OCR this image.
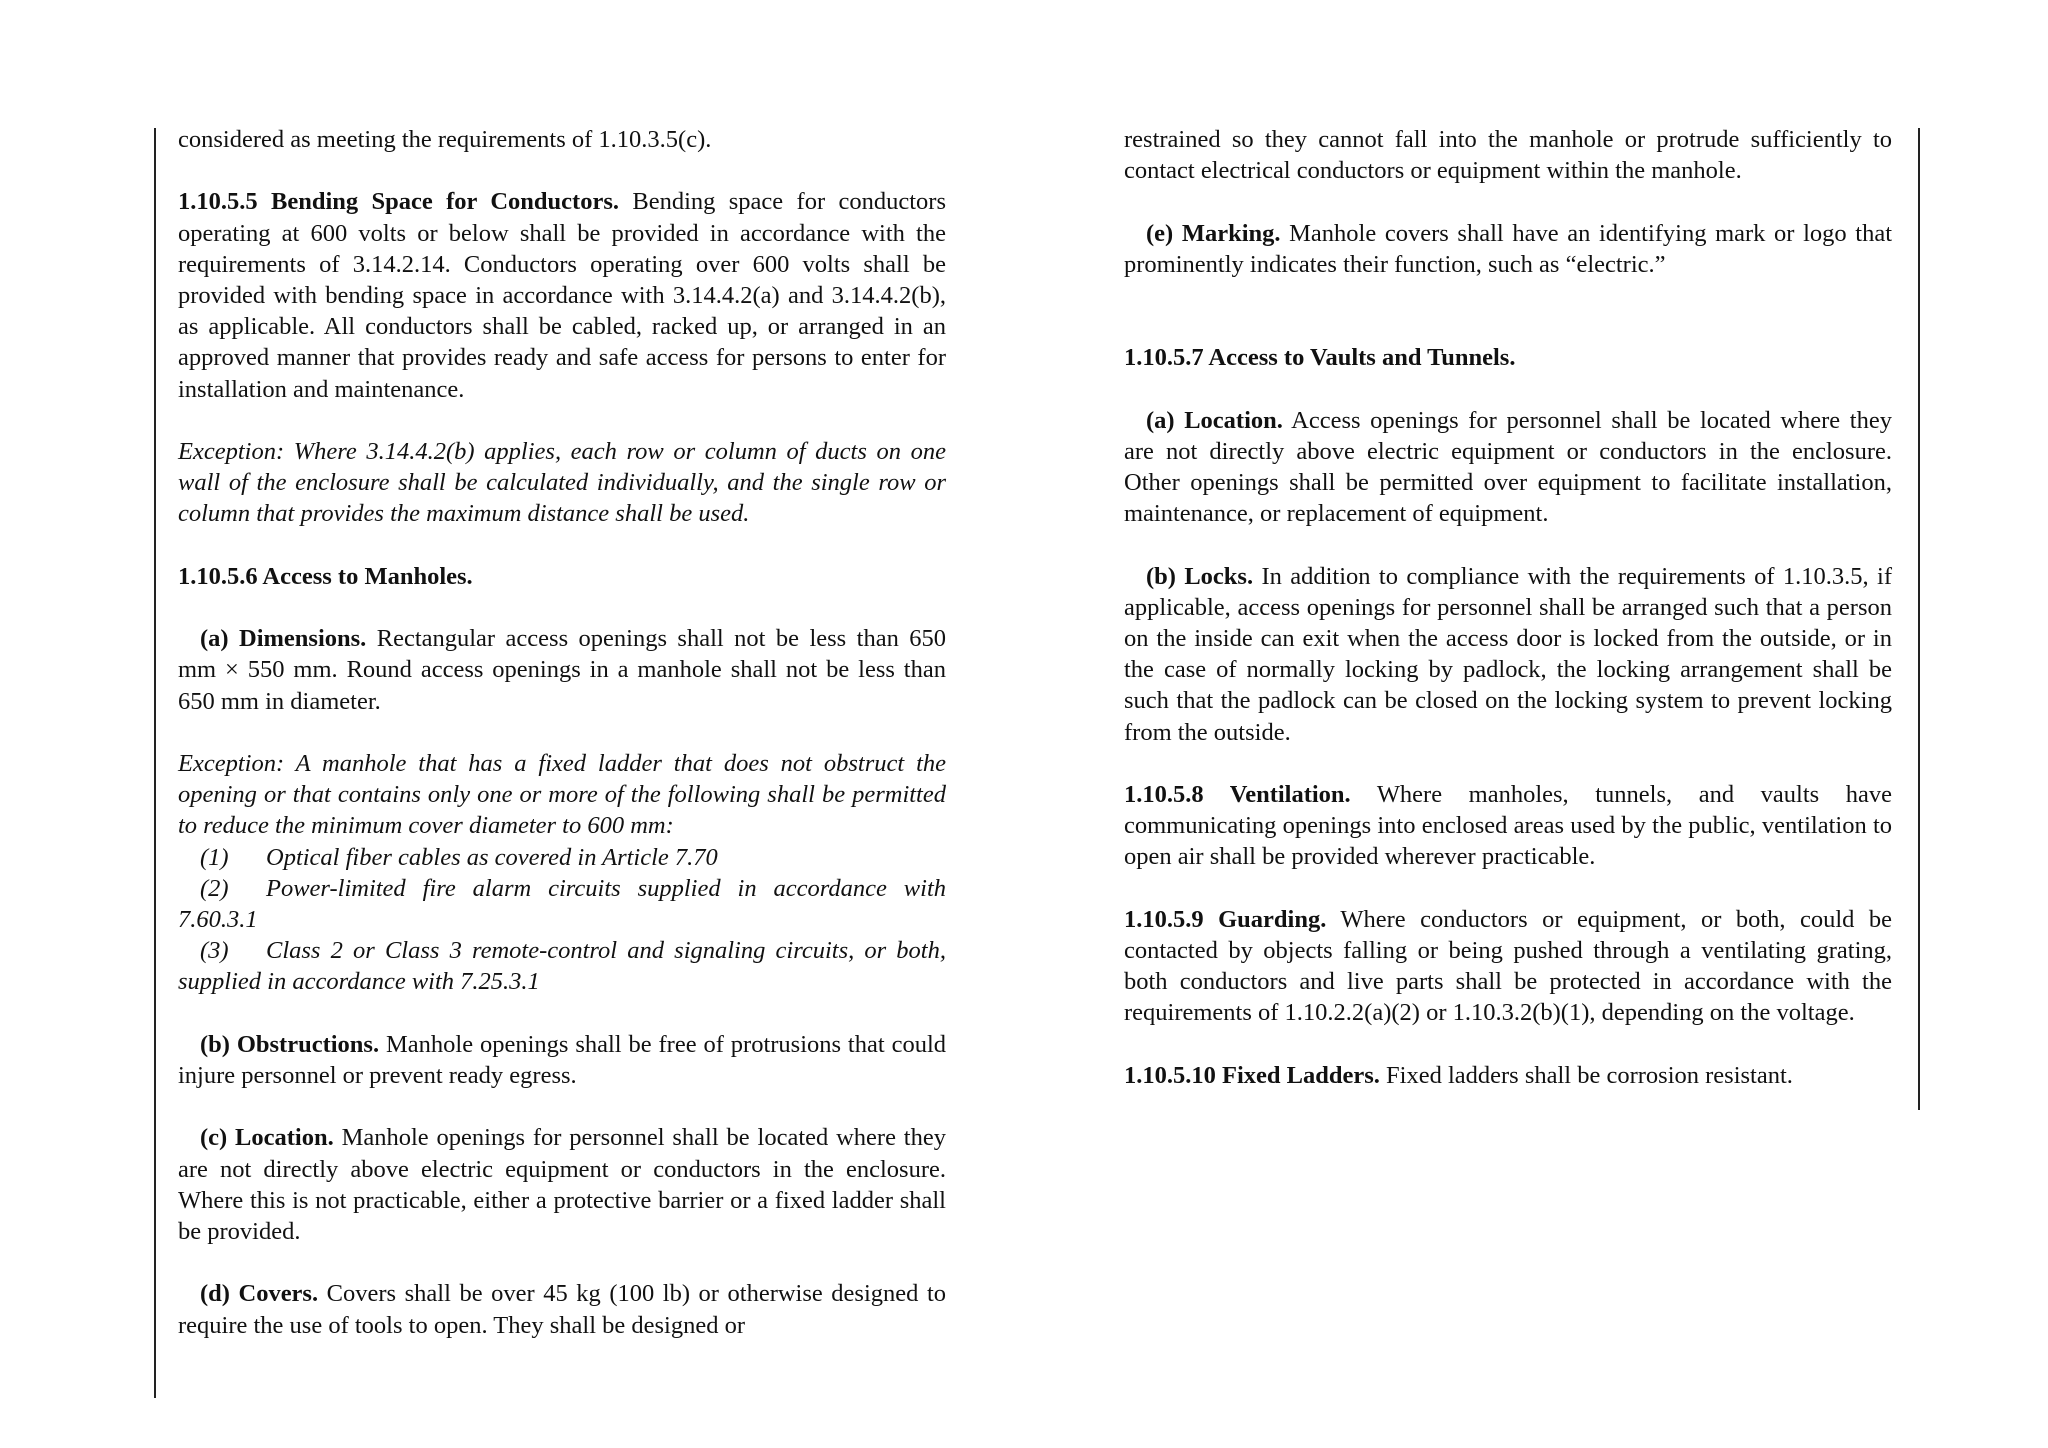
considered as meeting the requirements of 1.10.3.5(c).

1.10.5.5 Bending Space for Conductors. Bending space for conductors operating at 600 volts or below shall be provided in accordance with the requirements of 3.14.2.14. Conductors operating over 600 volts shall be provided with bending space in accordance with 3.14.4.2(a) and 3.14.4.2(b), as applicable. All conductors shall be cabled, racked up, or arranged in an approved manner that provides ready and safe access for persons to enter for installation and maintenance.

Exception: Where 3.14.4.2(b) applies, each row or column of ducts on one wall of the enclosure shall be calculated individually, and the single row or column that provides the maximum distance shall be used.

1.10.5.6 Access to Manholes.

(a) Dimensions. Rectangular access openings shall not be less than 650 mm × 550 mm. Round access openings in a manhole shall not be less than 650 mm in diameter.

Exception: A manhole that has a fixed ladder that does not obstruct the opening or that contains only one or more of the following shall be permitted to reduce the minimum cover diameter to 600 mm:

(1) Optical fiber cables as covered in Article 7.70

(2) Power-limited fire alarm circuits supplied in accordance with 7.60.3.1

(3) Class 2 or Class 3 remote-control and signaling circuits, or both, supplied in accordance with 7.25.3.1

(b) Obstructions. Manhole openings shall be free of protrusions that could injure personnel or prevent ready egress.

(c) Location. Manhole openings for personnel shall be located where they are not directly above electric equipment or conductors in the enclosure. Where this is not practicable, either a protective barrier or a fixed ladder shall be provided.

(d) Covers. Covers shall be over 45 kg (100 lb) or otherwise designed to require the use of tools to open. They shall be designed or

restrained so they cannot fall into the manhole or protrude sufficiently to contact electrical conductors or equipment within the manhole.

(e) Marking. Manhole covers shall have an identifying mark or logo that prominently indicates their function, such as “electric.”

1.10.5.7 Access to Vaults and Tunnels.

(a) Location. Access openings for personnel shall be located where they are not directly above electric equipment or conductors in the enclosure. Other openings shall be permitted over equipment to facilitate installation, maintenance, or replacement of equipment.

(b) Locks. In addition to compliance with the requirements of 1.10.3.5, if applicable, access openings for personnel shall be arranged such that a person on the inside can exit when the access door is locked from the outside, or in the case of normally locking by padlock, the locking arrangement shall be such that the padlock can be closed on the locking system to prevent locking from the outside.

1.10.5.8 Ventilation. Where manholes, tunnels, and vaults have communicating openings into enclosed areas used by the public, ventilation to open air shall be provided wherever practicable.

1.10.5.9 Guarding. Where conductors or equipment, or both, could be contacted by objects falling or being pushed through a ventilating grating, both conductors and live parts shall be protected in accordance with the requirements of 1.10.2.2(a)(2) or 1.10.3.2(b)(1), depending on the voltage.

1.10.5.10 Fixed Ladders. Fixed ladders shall be corrosion resistant.
